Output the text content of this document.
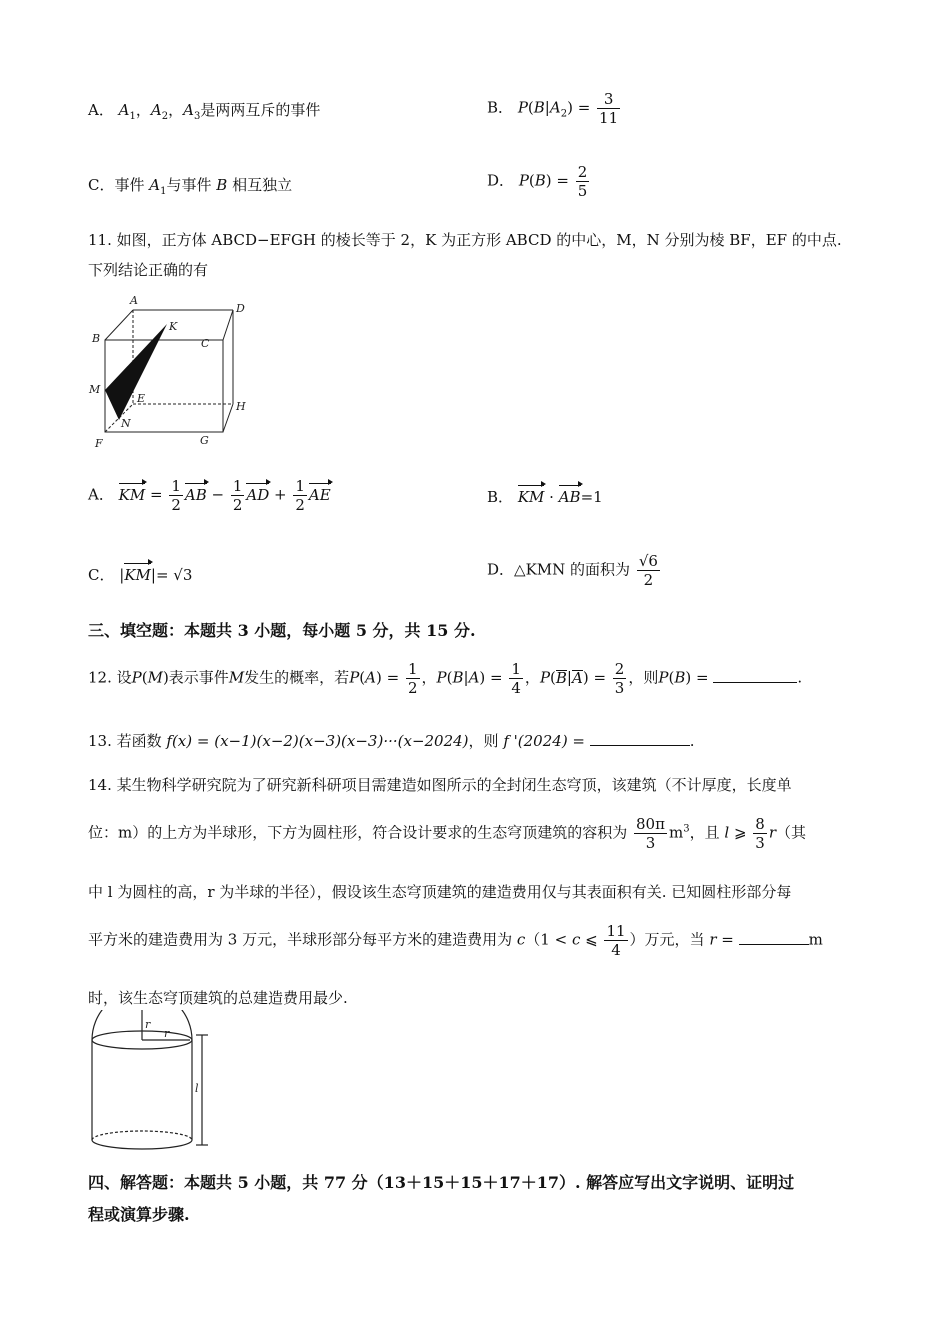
A． $A_1$，$A_2$，$A_3$是两两互斥的事件	B． $P(B|A_2) = \frac{3}{11}$
C．事件 $A_1$与事件 B 相互独立	D． $P(B) = \frac{2}{5}$
11. 如图，正方体 ABCD−EFGH 的棱长等于 2，K 为正方形 ABCD 的中心，M，N 分别为棱 BF，EF 的中点.
下列结论正确的有
A
D
B	C
K
M
E
H
N
F	G
A． KM = $\frac{1}{2}$ AB − $\frac{1}{2}$ AD + $\frac{1}{2}$ AE	B． KM · AB=1
C． |KM|= √3	D．△KMN 的面积为 $\frac{√6}{2}$
三、填空题：本题共 3 小题，每小题 5 分，共 15 分.
12. 设P(M)表示事件M发生的概率，若$P(A) = \frac{1}{2}$ ，$P(B|A) = \frac{1}{4}$ ，$P(B|A) = \frac{2}{3}$ ，则P(B) =	.
13. 若函数 f(x) = (x−1)(x−2)(x−3)(x−3)···(x−2024)，则 f '(2024) =	.
14. 某生物科学研究院为了研究新科研项目需建造如图所示的全封闭生态穹顶，该建筑（不计厚度，长度单
位：m）的上方为半球形，下方为圆柱形，符合设计要求的生态穹顶建筑的容积为 $\frac{80\pi}{3} m^3$，且 l ⩾ $\frac{8}{3} r$（其
中 l 为圆柱的高，r 为半球的半径），假设该生态穹顶建筑的建造费用仅与其表面积有关. 已知圆柱形部分每
平方米的建造费用为 3 万元，半球形部分每平方米的建造费用为 c（1 < c ⩽ $\frac{11}{4}$ ）万元，当 r =	m
时，该生态穹顶建筑的总建造费用最少.
r
r
l
四、解答题：本题共 5 小题，共 77 分（13＋15＋15＋17＋17）. 解答应写出文字说明、证明过
程或演算步骤.
